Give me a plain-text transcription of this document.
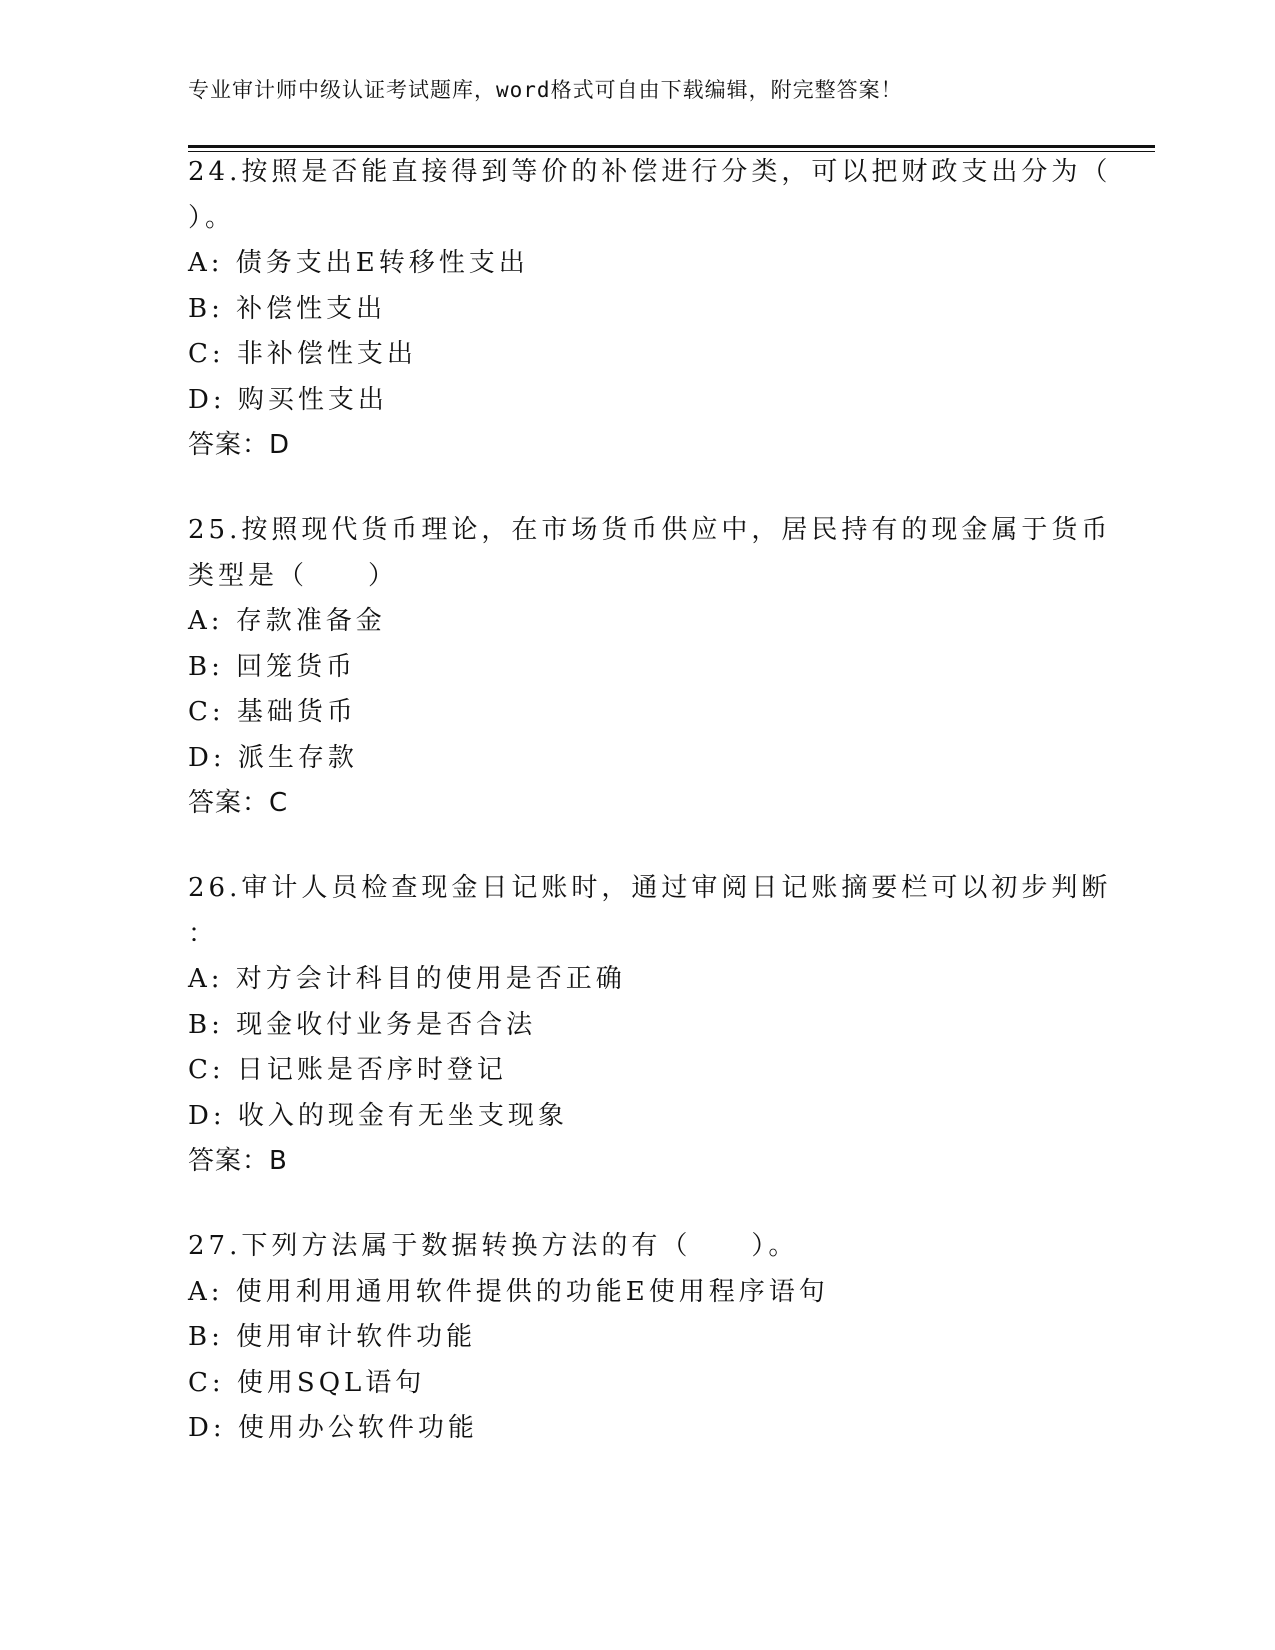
专业审计师中级认证考试题库，word格式可自由下载编辑，附完整答案！
24.按照是否能直接得到等价的补偿进行分类，可以把财政支出分为（
）。
A: 债务支出E转移性支出
B: 补偿性支出
C: 非补偿性支出
D: 购买性支出
答案：D
25.按照现代货币理论，在市场货币供应中，居民持有的现金属于货币
类型是（　　）
A: 存款准备金
B: 回笼货币
C: 基础货币
D: 派生存款
答案：C
26.审计人员检查现金日记账时，通过审阅日记账摘要栏可以初步判断
：
A: 对方会计科目的使用是否正确
B: 现金收付业务是否合法
C: 日记账是否序时登记
D: 收入的现金有无坐支现象
答案：B
27.下列方法属于数据转换方法的有（　　）。
A: 使用利用通用软件提供的功能E使用程序语句
B: 使用审计软件功能
C: 使用SQL语句
D: 使用办公软件功能
